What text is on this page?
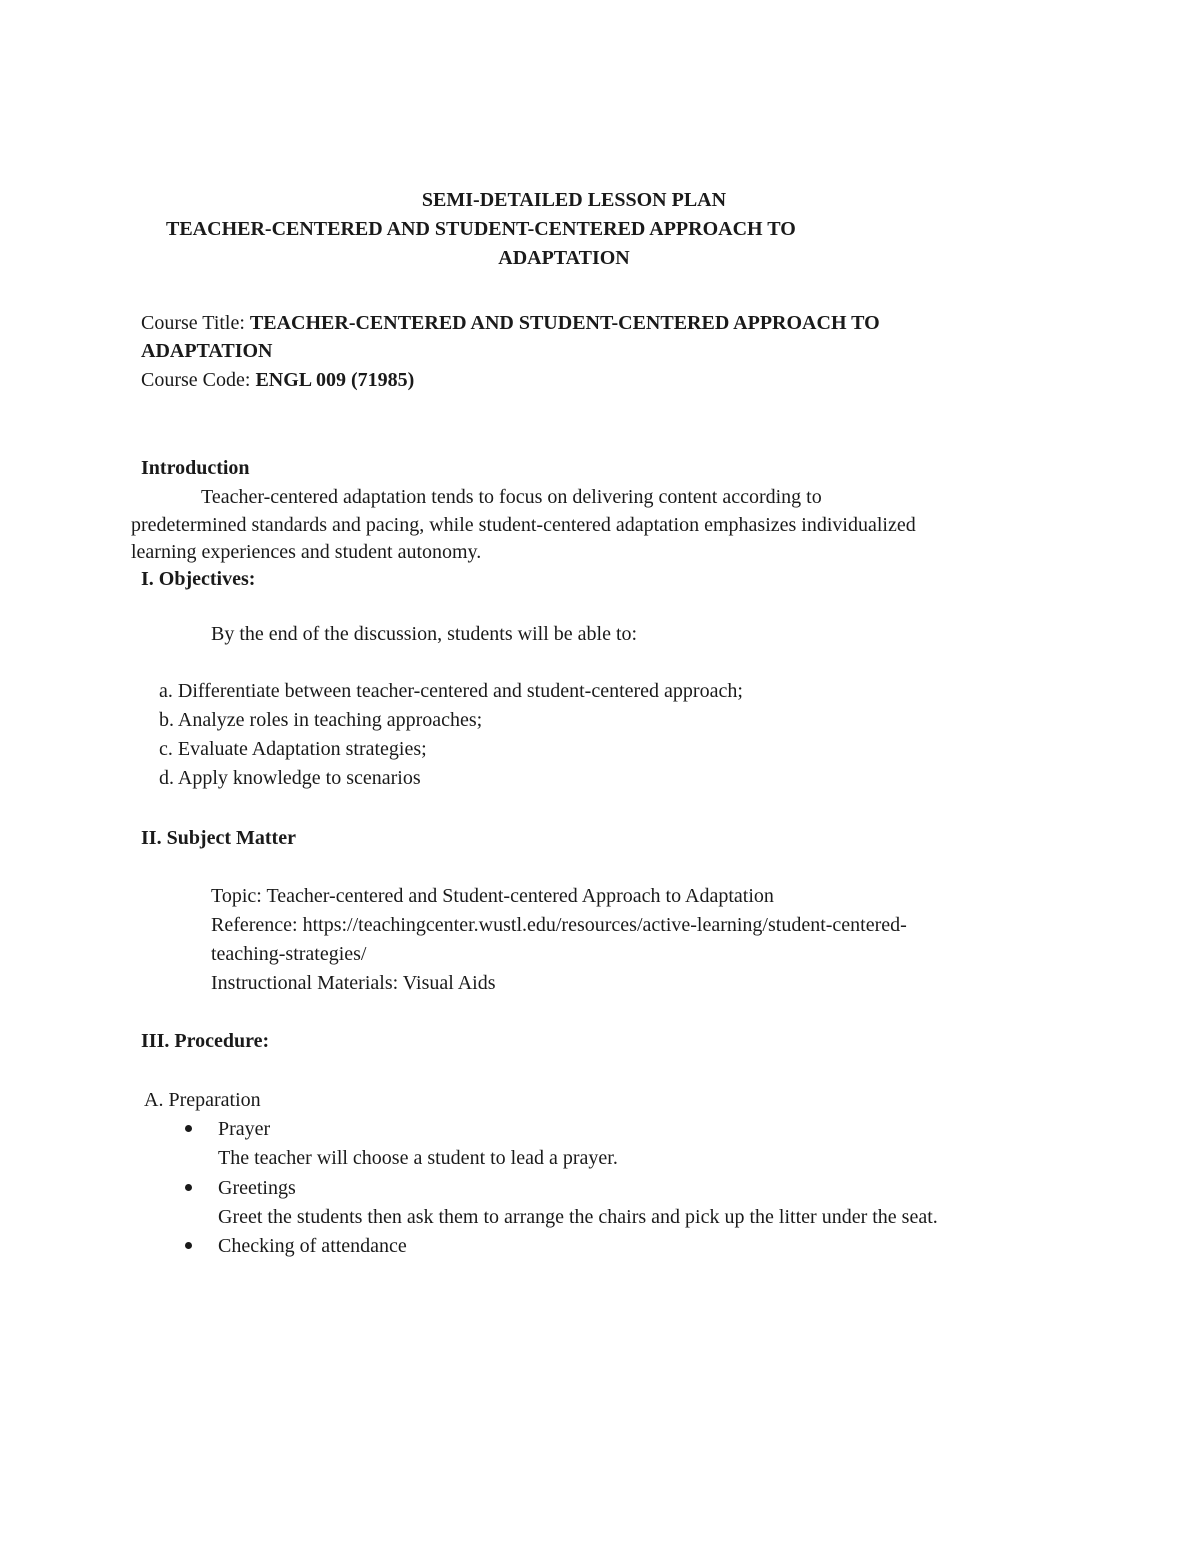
SEMI-DETAILED LESSON PLAN
TEACHER-CENTERED AND STUDENT-CENTERED APPROACH TO
ADAPTATION
Course Title: TEACHER-CENTERED AND STUDENT-CENTERED APPROACH TO
ADAPTATION
Course Code: ENGL 009 (71985)
Introduction
Teacher-centered adaptation tends to focus on delivering content according to
predetermined standards and pacing, while student-centered adaptation emphasizes individualized
learning experiences and student autonomy.
I. Objectives:
By the end of the discussion, students will be able to:
a. Differentiate between teacher-centered and student-centered approach;
b. Analyze roles in teaching approaches;
c. Evaluate Adaptation strategies;
d. Apply knowledge to scenarios
II. Subject Matter
Topic: Teacher-centered and Student-centered Approach to Adaptation
Reference: https://teachingcenter.wustl.edu/resources/active-learning/student-centered-
teaching-strategies/
Instructional Materials: Visual Aids
III. Procedure:
A. Preparation
Prayer
The teacher will choose a student to lead a prayer.
Greetings
Greet the students then ask them to arrange the chairs and pick up the litter under the seat.
Checking of attendance
